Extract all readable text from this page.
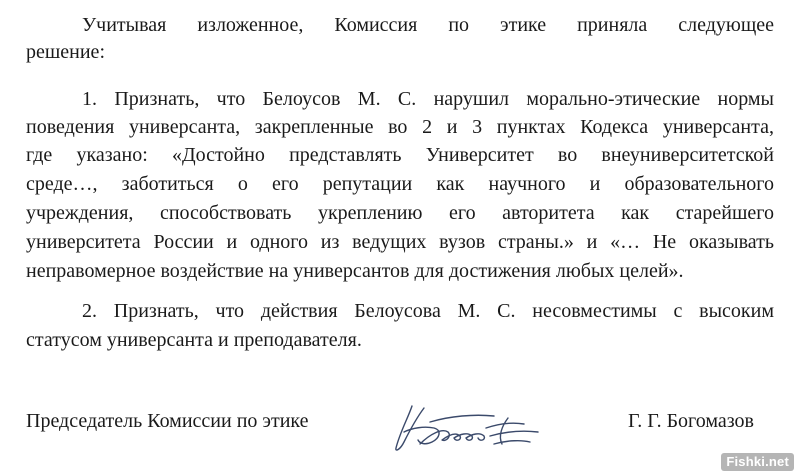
Учитывая изложенное, Комиссия по этике приняла следующее
решение:
1. Признать, что Белоусов М. С. нарушил морально-этические нормы
поведения универсанта, закрепленные во 2 и 3 пунктах Кодекса универсанта,
где указано: «Достойно представлять Университет во внеуниверситетской
среде…, заботиться о его репутации как научного и образовательного
учреждения, способствовать укреплению его авторитета как старейшего
университета России и одного из ведущих вузов страны.» и «… Не оказывать
неправомерное воздействие на универсантов для достижения любых целей».
2. Признать, что действия Белоусова М. С. несовместимы с высоким
статусом универсанта и преподавателя.
Председатель Комиссии по этике	Г. Г. Богомазов
Fishki.net
